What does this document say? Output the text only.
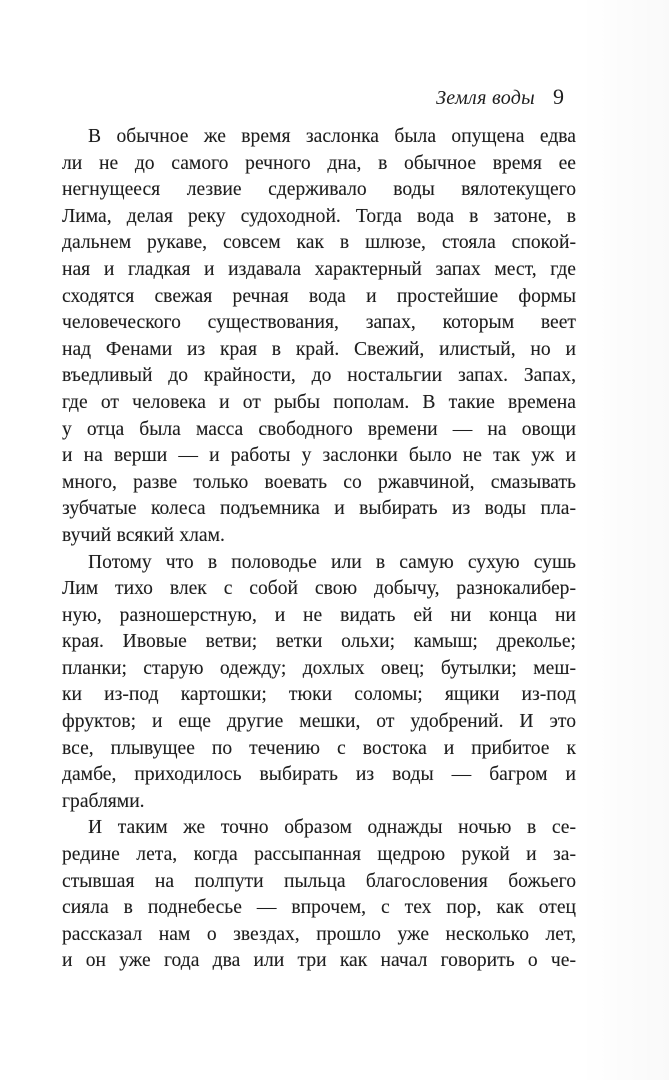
Земля воды 9
В обычное же время заслонка была опущена едва
ли не до самого речного дна, в обычное время ее
негнущееся лезвие сдерживало воды вялотекущего
Лима, делая реку судоходной. Тогда вода в затоне, в
дальнем рукаве, совсем как в шлюзе, стояла спокой-
ная и гладкая и издавала характерный запах мест, где
сходятся свежая речная вода и простейшие формы
человеческого существования, запах, которым веет
над Фенами из края в край. Свежий, илистый, но и
въедливый до крайности, до ностальгии запах. Запах,
где от человека и от рыбы пополам. В такие времена
у отца была масса свободного времени — на овощи
и на верши — и работы у заслонки было не так уж и
много, разве только воевать со ржавчиной, смазывать
зубчатые колеса подъемника и выбирать из воды пла-
вучий всякий хлам.
Потому что в половодье или в самую сухую сушь
Лим тихо влек с собой свою добычу, разнокалибер-
ную, разношерстную, и не видать ей ни конца ни
края. Ивовые ветви; ветки ольхи; камыш; дреколье;
планки; старую одежду; дохлых овец; бутылки; меш-
ки из-под картошки; тюки соломы; ящики из-под
фруктов; и еще другие мешки, от удобрений. И это
все, плывущее по течению с востока и прибитое к
дамбе, приходилось выбирать из воды — багром и
граблями.
И таким же точно образом однажды ночью в се-
редине лета, когда рассыпанная щедрою рукой и за-
стывшая на полпути пыльца благословения божьего
сияла в поднебесье — впрочем, с тех пор, как отец
рассказал нам о звездах, прошло уже несколько лет,
и он уже года два или три как начал говорить о че-
